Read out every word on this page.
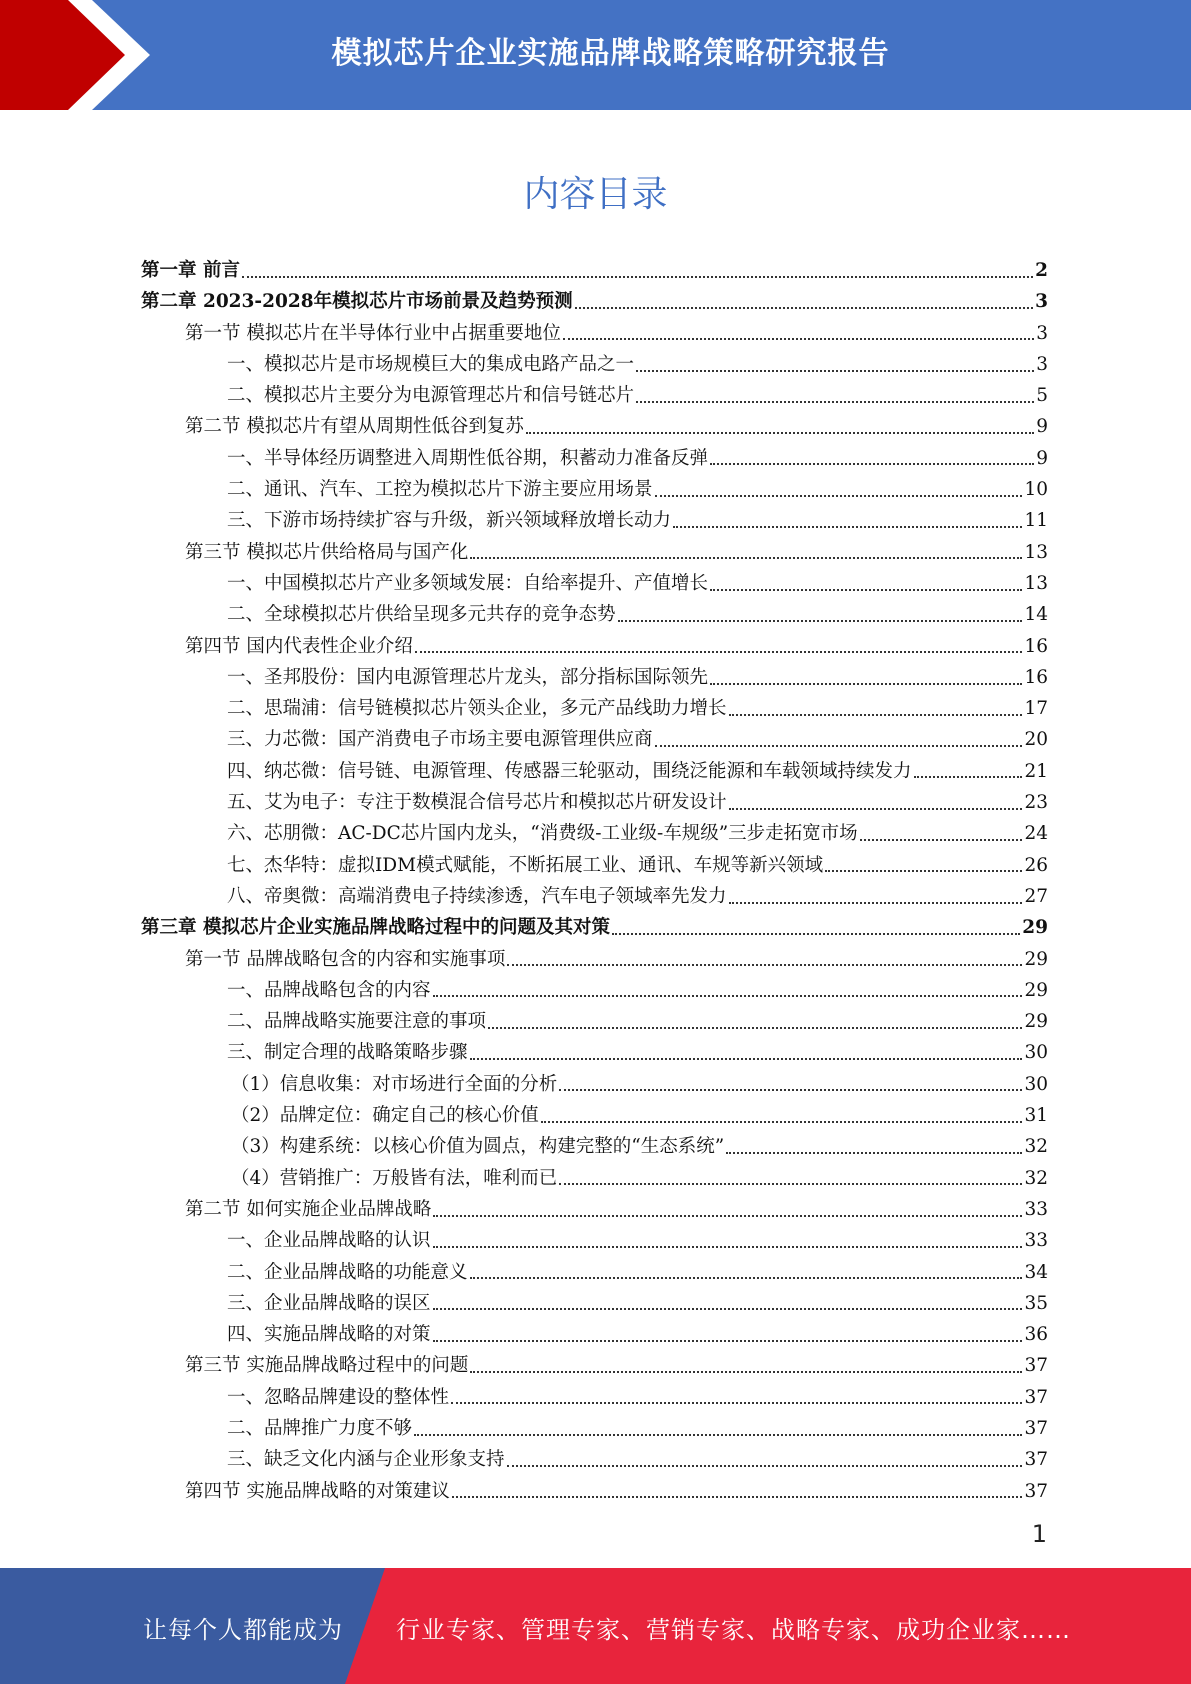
模拟芯片企业实施品牌战略策略研究报告
内容目录
第一章 前言	2
第二章 2023-2028年模拟芯片市场前景及趋势预测	3
第一节 模拟芯片在半导体行业中占据重要地位	3
一、模拟芯片是市场规模巨大的集成电路产品之一	3
二、模拟芯片主要分为电源管理芯片和信号链芯片	5
第二节 模拟芯片有望从周期性低谷到复苏	9
一、半导体经历调整进入周期性低谷期，积蓄动力准备反弹	9
二、通讯、汽车、工控为模拟芯片下游主要应用场景	10
三、下游市场持续扩容与升级，新兴领域释放增长动力	11
第三节 模拟芯片供给格局与国产化	13
一、中国模拟芯片产业多领域发展：自给率提升、产值增长	13
二、全球模拟芯片供给呈现多元共存的竞争态势	14
第四节 国内代表性企业介绍	16
一、圣邦股份：国内电源管理芯片龙头，部分指标国际领先	16
二、思瑞浦：信号链模拟芯片领头企业，多元产品线助力增长	17
三、力芯微：国产消费电子市场主要电源管理供应商	20
四、纳芯微：信号链、电源管理、传感器三轮驱动，围绕泛能源和车载领域持续发力	21
五、艾为电子：专注于数模混合信号芯片和模拟芯片研发设计	23
六、芯朋微：AC-DC芯片国内龙头，“消费级-工业级-车规级”三步走拓宽市场	24
七、杰华特：虚拟IDM模式赋能，不断拓展工业、通讯、车规等新兴领域	26
八、帝奥微：高端消费电子持续渗透，汽车电子领域率先发力	27
第三章 模拟芯片企业实施品牌战略过程中的问题及其对策	29
第一节 品牌战略包含的内容和实施事项	29
一、品牌战略包含的内容	29
二、品牌战略实施要注意的事项	29
三、制定合理的战略策略步骤	30
（1）信息收集：对市场进行全面的分析	30
（2）品牌定位：确定自己的核心价值	31
（3）构建系统：以核心价值为圆点，构建完整的“生态系统”	32
（4）营销推广：万般皆有法，唯利而已	32
第二节 如何实施企业品牌战略	33
一、企业品牌战略的认识	33
二、企业品牌战略的功能意义	34
三、企业品牌战略的误区	35
四、实施品牌战略的对策	36
第三节 实施品牌战略过程中的问题	37
一、忽略品牌建设的整体性	37
二、品牌推广力度不够	37
三、缺乏文化内涵与企业形象支持	37
第四节 实施品牌战略的对策建议	37
1
让每个人都能成为 行业专家、管理专家、营销专家、战略专家、成功企业家……
